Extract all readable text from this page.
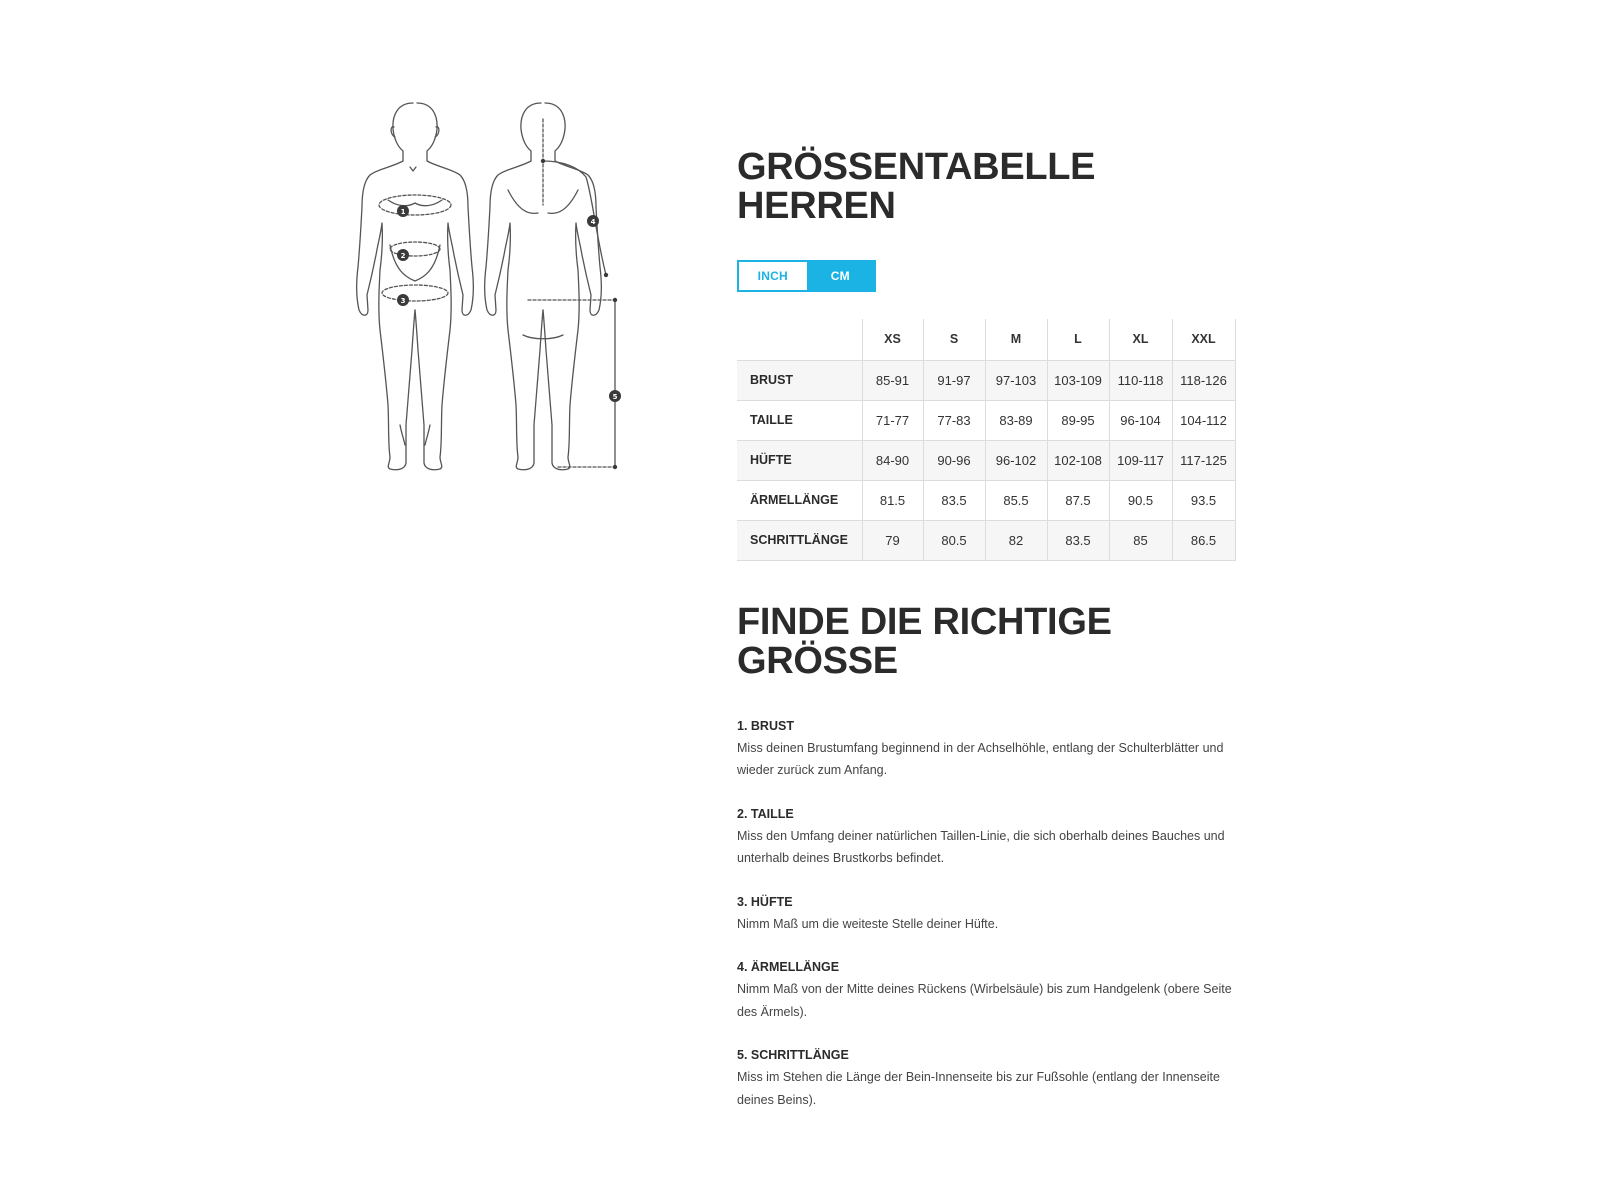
1
2
3
4
5
GRÖSSENTABELLE HERREN
INCH	CM
	XS	S	M	L	XL	XXL
BRUST	85-91	91-97	97-103	103-109	110-118	118-126
TAILLE	71-77	77-83	83-89	89-95	96-104	104-112
HÜFTE	84-90	90-96	96-102	102-108	109-117	117-125
ÄRMELLÄNGE	81.5	83.5	85.5	87.5	90.5	93.5
SCHRITTLÄNGE	79	80.5	82	83.5	85	86.5
FINDE DIE RICHTIGE GRÖSSE
1. BRUST
Miss deinen Brustumfang beginnend in der Achselhöhle, entlang der Schulterblätter und wieder zurück zum Anfang.
2. TAILLE
Miss den Umfang deiner natürlichen Taillen-Linie, die sich oberhalb deines Bauches und unterhalb deines Brustkorbs befindet.
3. HÜFTE
Nimm Maß um die weiteste Stelle deiner Hüfte.
4. ÄRMELLÄNGE
Nimm Maß von der Mitte deines Rückens (Wirbelsäule) bis zum Handgelenk (obere Seite des Ärmels).
5. SCHRITTLÄNGE
Miss im Stehen die Länge der Bein-Innenseite bis zur Fußsohle (entlang der Innenseite deines Beins).
